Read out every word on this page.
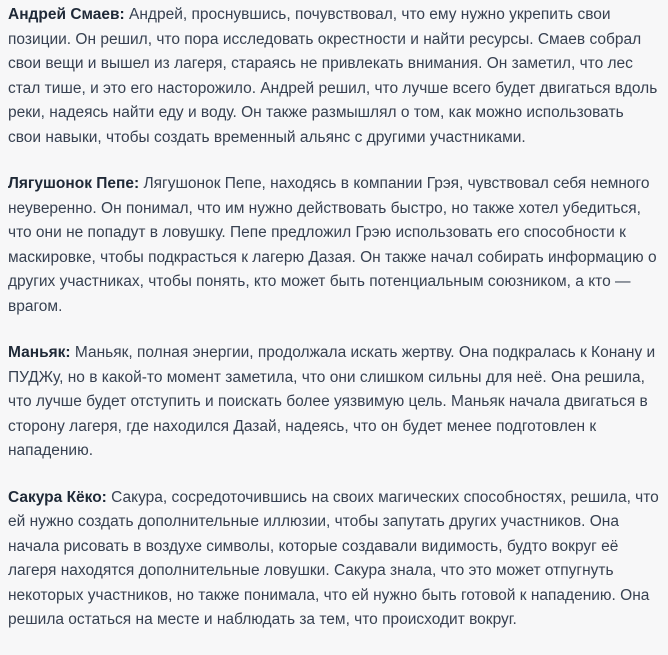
Андрей Смаев: Андрей, проснувшись, почувствовал, что ему нужно укрепить свои позиции. Он решил, что пора исследовать окрестности и найти ресурсы. Смаев собрал свои вещи и вышел из лагеря, стараясь не привлекать внимания. Он заметил, что лес стал тише, и это его насторожило. Андрей решил, что лучше всего будет двигаться вдоль реки, надеясь найти еду и воду. Он также размышлял о том, как можно использовать свои навыки, чтобы создать временный альянс с другими участниками.

Лягушонок Пепе: Лягушонок Пепе, находясь в компании Грэя, чувствовал себя немного неуверенно. Он понимал, что им нужно действовать быстро, но также хотел убедиться, что они не попадут в ловушку. Пепе предложил Грэю использовать его способности к маскировке, чтобы подкрасться к лагерю Дазая. Он также начал собирать информацию о других участниках, чтобы понять, кто может быть потенциальным союзником, а кто — врагом.

Маньяк: Маньяк, полная энергии, продолжала искать жертву. Она подкралась к Конану и ПУДЖу, но в какой-то момент заметила, что они слишком сильны для неё. Она решила, что лучше будет отступить и поискать более уязвимую цель. Маньяк начала двигаться в сторону лагеря, где находился Дазай, надеясь, что он будет менее подготовлен к нападению.

Сакура Кёко: Сакура, сосредоточившись на своих магических способностях, решила, что ей нужно создать дополнительные иллюзии, чтобы запутать других участников. Она начала рисовать в воздухе символы, которые создавали видимость, будто вокруг её лагеря находятся дополнительные ловушки. Сакура знала, что это может отпугнуть некоторых участников, но также понимала, что ей нужно быть готовой к нападению. Она решила остаться на месте и наблюдать за тем, что происходит вокруг.
